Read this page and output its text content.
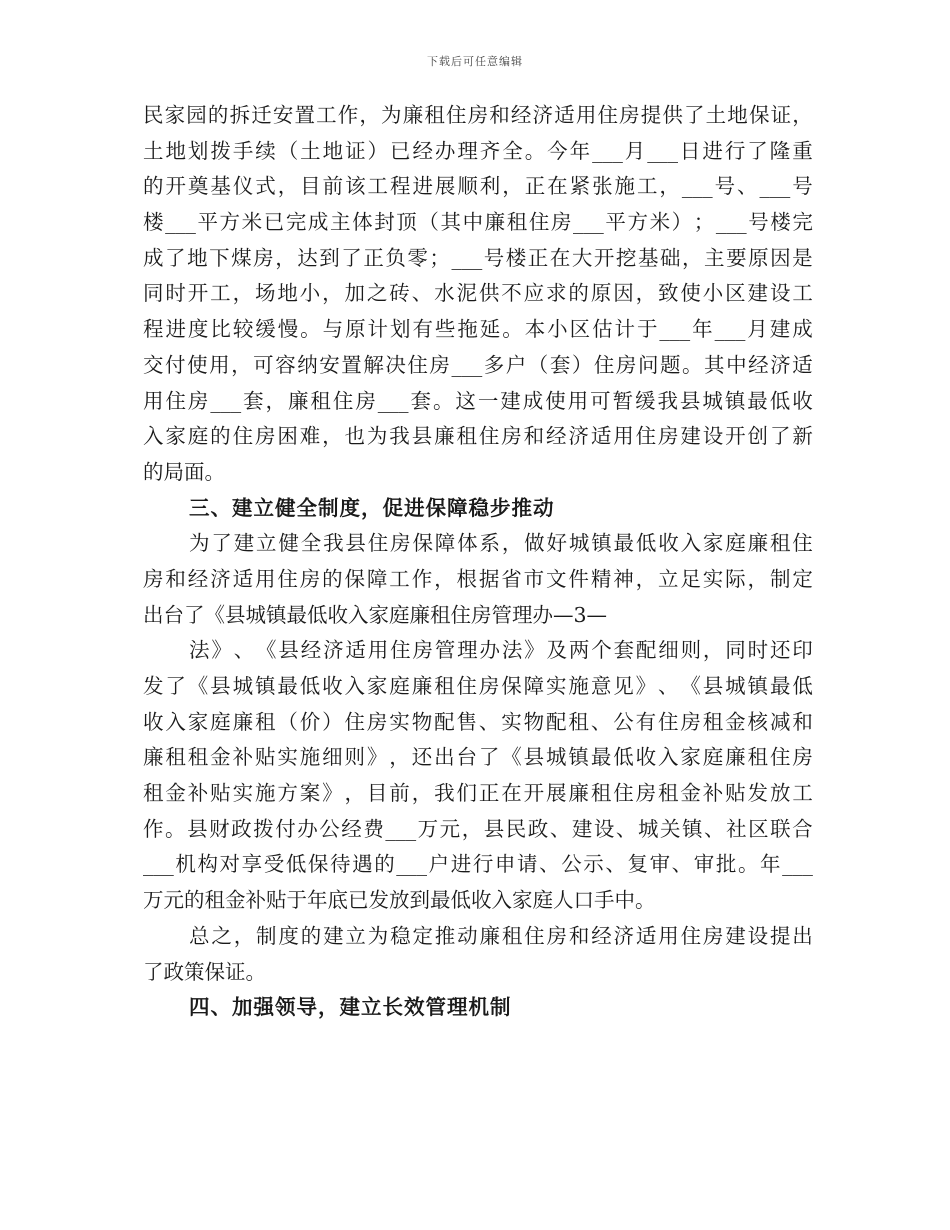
下载后可任意编辑
民 家 园 的 拆 迁 安 置 工 作 ， 为 廉 租 住 房 和 经 济 适 用 住 房 提 供 了 土 地 保 证 ，
土 地 划 拨 手 续 （ 土 地 证 ） 已 经 办 理 齐 全 。 今 年 ___ 月 ___ 日 进 行 了 隆 重
的 开 奠 基 仪 式 ， 目 前 该 工 程 进 展 顺 利 ， 正 在 紧 张 施 工 ， ___ 号 、 ___ 号
楼 ___ 平 方 米 已 完 成 主 体 封 顶 （ 其 中 廉 租 住 房 ___ 平 方 米 ） ； ___ 号 楼 完
成 了 地 下 煤 房 ， 达 到 了 正 负 零 ； ___ 号 楼 正 在 大 开 挖 基 础 ， 主 要 原 因 是
同 时 开 工 ， 场 地 小 ， 加 之 砖 、 水 泥 供 不 应 求 的 原 因 ， 致 使 小 区 建 设 工
程 进 度 比 较 缓 慢 。 与 原 计 划 有 些 拖 延 。 本 小 区 估 计 于 ___ 年 ___ 月 建 成
交 付 使 用 ， 可 容 纳 安 置 解 决 住 房 ___ 多 户 （ 套 ） 住 房 问 题 。 其 中 经 济 适
用 住 房 ___ 套 ， 廉 租 住 房 ___ 套 。 这 一 建 成 使 用 可 暂 缓 我 县 城 镇 最 低 收
入 家 庭 的 住 房 困 难 ， 也 为 我 县 廉 租 住 房 和 经 济 适 用 住 房 建 设 开 创 了 新
的局面。
三、建立健全制度，促进保障稳步推动
为 了 建 立 健 全 我 县 住 房 保 障 体 系 ， 做 好 城 镇 最 低 收 入 家 庭 廉 租 住
房 和 经 济 适 用 住 房 的 保 障 工 作 ， 根 据 省 市 文 件 精 神 ， 立 足 实 际 ， 制 定
出台了《县城镇最低收入家庭廉租住房管理办—3—
法 》 、 《 县 经 济 适 用 住 房 管 理 办 法 》 及 两 个 套 配 细 则 ， 同 时 还 印
发 了 《 县 城 镇 最 低 收 入 家 庭 廉 租 住 房 保 障 实 施 意 见 》 、 《 县 城 镇 最 低
收 入 家 庭 廉 租 （ 价 ） 住 房 实 物 配 售 、 实 物 配 租 、 公 有 住 房 租 金 核 减 和
廉 租 租 金 补 贴 实 施 细 则 》 ， 还 出 台 了 《 县 城 镇 最 低 收 入 家 庭 廉 租 住 房
租 金 补 贴 实 施 方 案 》 ， 目 前 ， 我 们 正 在 开 展 廉 租 住 房 租 金 补 贴 发 放 工
作 。 县 财 政 拨 付 办 公 经 费 ___ 万 元 ， 县 民 政 、 建 设 、 城 关 镇 、 社 区 联 合
___ 机 构 对 享 受 低 保 待 遇 的 ___ 户 进 行 申 请 、 公 示 、 复 审 、 审 批 。 年 ___
万元的租金补贴于年底已发放到最低收入家庭人口手中。
总 之 ， 制 度 的 建 立 为 稳 定 推 动 廉 租 住 房 和 经 济 适 用 住 房 建 设 提 出
了政策保证。
四、加强领导，建立长效管理机制
